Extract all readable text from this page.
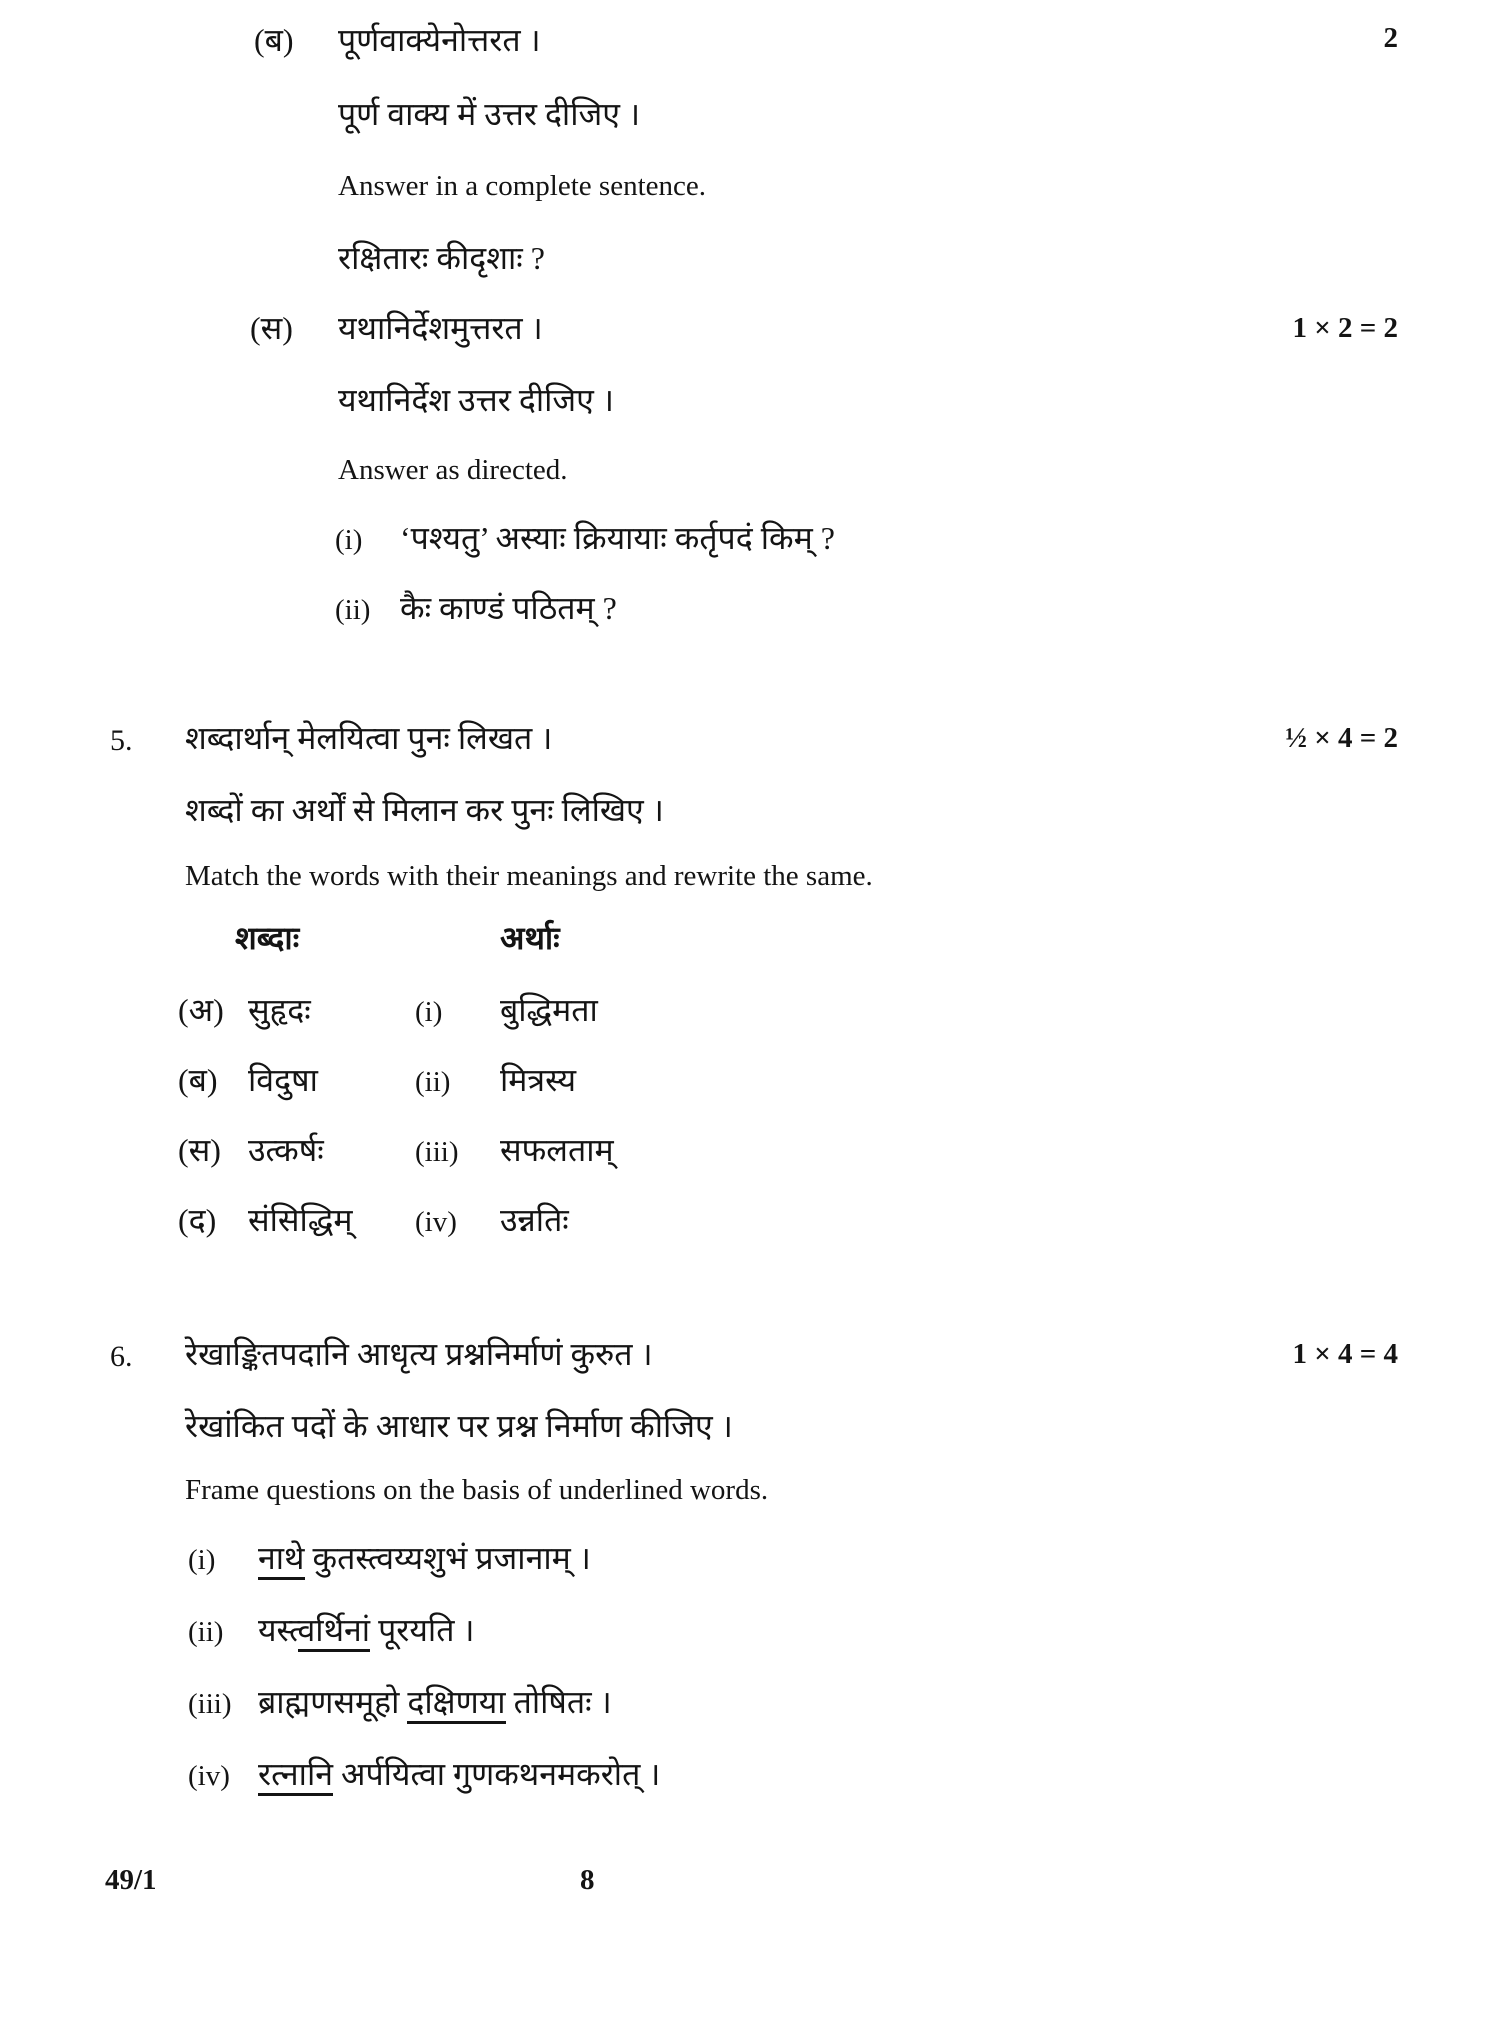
(ब) पूर्णवाक्येनोत्तरत ।	2
पूर्ण वाक्य में उत्तर दीजिए ।
Answer in a complete sentence.
रक्षितारः कीदृशाः ?
(स) यथानिर्देशमुत्तरत ।	1 × 2 = 2
यथानिर्देश उत्तर दीजिए ।
Answer as directed.
(i) ‘पश्यतु’ अस्याः क्रियायाः कर्तृपदं किम् ?
(ii) कैः काण्डं पठितम् ?
5. शब्दार्थान् मेलयित्वा पुनः लिखत ।	½ × 4 = 2
शब्दों का अर्थों से मिलान कर पुनः लिखिए ।
Match the words with their meanings and rewrite the same.
शब्दाः	अर्थाः
(अ) सुहृदः	(i) बुद्धिमता
(ब) विदुषा	(ii) मित्रस्य
(स) उत्कर्षः	(iii) सफलताम्
(द) संसिद्धिम् (iv) उन्नतिः
6. रेखाङ्कितपदानि आधृत्य प्रश्ननिर्माणं कुरुत ।	1 × 4 = 4
रेखांकित पदों के आधार पर प्रश्न निर्माण कीजिए ।
Frame questions on the basis of underlined words.
(i) नाथे कुतस्त्वय्यशुभं प्रजानाम् ।
(ii) यस्त्वर्थिनां पूरयति ।
(iii) ब्राह्मणसमूहो दक्षिणया तोषितः ।
(iv) रत्नानि अर्पयित्वा गुणकथनमकरोत् ।
49/1	8
